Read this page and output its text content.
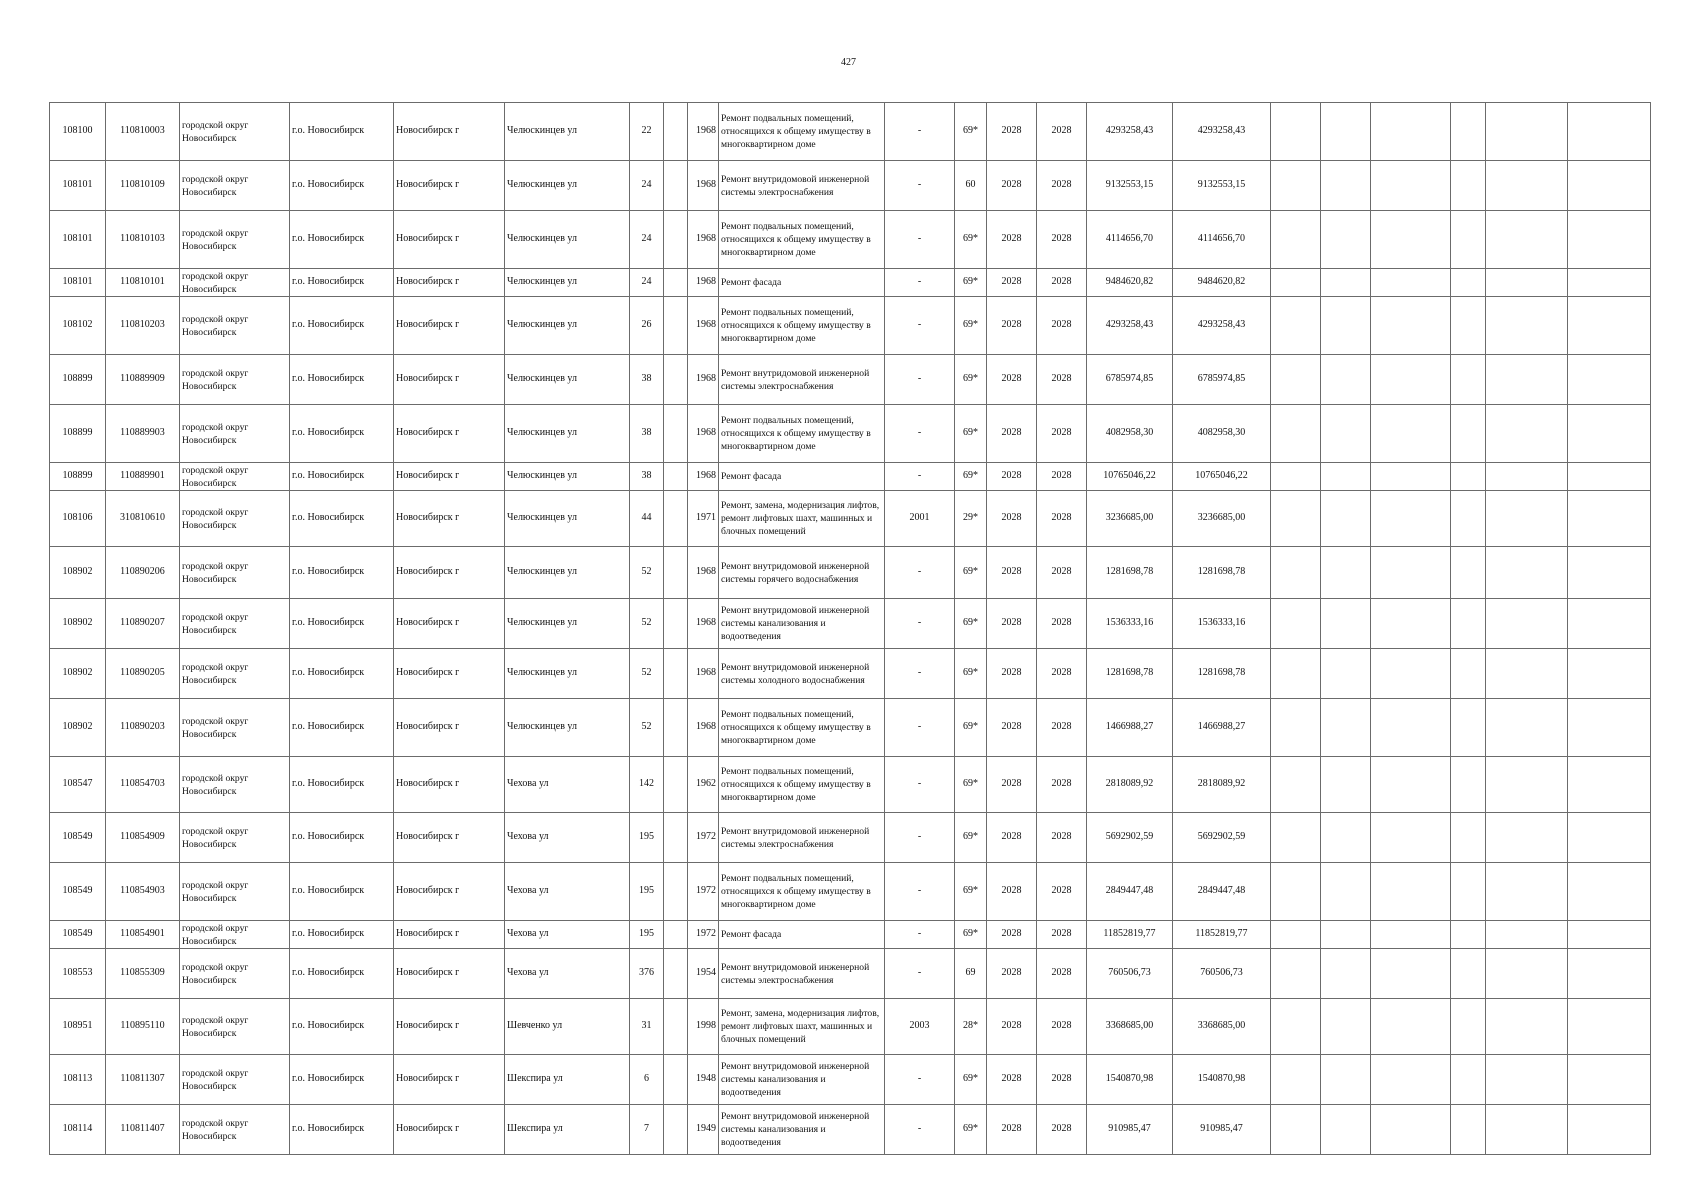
427
108100	110810003	городской округ Новосибирск	г.о. Новосибирск	Новосибирск г	Челюскинцев ул	22		1968	Ремонт подвальных помещений, относящихся к общему имуществу в многоквартирном доме	-	69*	2028	2028	4293258,43	4293258,43						
108101	110810109	городской округ Новосибирск	г.о. Новосибирск	Новосибирск г	Челюскинцев ул	24		1968	Ремонт внутридомовой инженерной системы электроснабжения	-	60	2028	2028	9132553,15	9132553,15						
108101	110810103	городской округ Новосибирск	г.о. Новосибирск	Новосибирск г	Челюскинцев ул	24		1968	Ремонт подвальных помещений, относящихся к общему имуществу в многоквартирном доме	-	69*	2028	2028	4114656,70	4114656,70						
108101	110810101	городской округ Новосибирск	г.о. Новосибирск	Новосибирск г	Челюскинцев ул	24		1968	Ремонт фасада	-	69*	2028	2028	9484620,82	9484620,82						
108102	110810203	городской округ Новосибирск	г.о. Новосибирск	Новосибирск г	Челюскинцев ул	26		1968	Ремонт подвальных помещений, относящихся к общему имуществу в многоквартирном доме	-	69*	2028	2028	4293258,43	4293258,43						
108899	110889909	городской округ Новосибирск	г.о. Новосибирск	Новосибирск г	Челюскинцев ул	38		1968	Ремонт внутридомовой инженерной системы электроснабжения	-	69*	2028	2028	6785974,85	6785974,85						
108899	110889903	городской округ Новосибирск	г.о. Новосибирск	Новосибирск г	Челюскинцев ул	38		1968	Ремонт подвальных помещений, относящихся к общему имуществу в многоквартирном доме	-	69*	2028	2028	4082958,30	4082958,30						
108899	110889901	городской округ Новосибирск	г.о. Новосибирск	Новосибирск г	Челюскинцев ул	38		1968	Ремонт фасада	-	69*	2028	2028	10765046,22	10765046,22						
108106	310810610	городской округ Новосибирск	г.о. Новосибирск	Новосибирск г	Челюскинцев ул	44		1971	Ремонт, замена, модернизация лифтов, ремонт лифтовых шахт, машинных и блочных помещений	2001	29*	2028	2028	3236685,00	3236685,00						
108902	110890206	городской округ Новосибирск	г.о. Новосибирск	Новосибирск г	Челюскинцев ул	52		1968	Ремонт внутридомовой инженерной системы горячего водоснабжения	-	69*	2028	2028	1281698,78	1281698,78						
108902	110890207	городской округ Новосибирск	г.о. Новосибирск	Новосибирск г	Челюскинцев ул	52		1968	Ремонт внутридомовой инженерной системы канализования и водоотведения	-	69*	2028	2028	1536333,16	1536333,16						
108902	110890205	городской округ Новосибирск	г.о. Новосибирск	Новосибирск г	Челюскинцев ул	52		1968	Ремонт внутридомовой инженерной системы холодного водоснабжения	-	69*	2028	2028	1281698,78	1281698,78						
108902	110890203	городской округ Новосибирск	г.о. Новосибирск	Новосибирск г	Челюскинцев ул	52		1968	Ремонт подвальных помещений, относящихся к общему имуществу в многоквартирном доме	-	69*	2028	2028	1466988,27	1466988,27						
108547	110854703	городской округ Новосибирск	г.о. Новосибирск	Новосибирск г	Чехова ул	142		1962	Ремонт подвальных помещений, относящихся к общему имуществу в многоквартирном доме	-	69*	2028	2028	2818089,92	2818089,92						
108549	110854909	городской округ Новосибирск	г.о. Новосибирск	Новосибирск г	Чехова ул	195		1972	Ремонт внутридомовой инженерной системы электроснабжения	-	69*	2028	2028	5692902,59	5692902,59						
108549	110854903	городской округ Новосибирск	г.о. Новосибирск	Новосибирск г	Чехова ул	195		1972	Ремонт подвальных помещений, относящихся к общему имуществу в многоквартирном доме	-	69*	2028	2028	2849447,48	2849447,48						
108549	110854901	городской округ Новосибирск	г.о. Новосибирск	Новосибирск г	Чехова ул	195		1972	Ремонт фасада	-	69*	2028	2028	11852819,77	11852819,77						
108553	110855309	городской округ Новосибирск	г.о. Новосибирск	Новосибирск г	Чехова ул	376		1954	Ремонт внутридомовой инженерной системы электроснабжения	-	69	2028	2028	760506,73	760506,73						
108951	110895110	городской округ Новосибирск	г.о. Новосибирск	Новосибирск г	Шевченко ул	31		1998	Ремонт, замена, модернизация лифтов, ремонт лифтовых шахт, машинных и блочных помещений	2003	28*	2028	2028	3368685,00	3368685,00						
108113	110811307	городской округ Новосибирск	г.о. Новосибирск	Новосибирск г	Шекспира ул	6		1948	Ремонт внутридомовой инженерной системы канализования и водоотведения	-	69*	2028	2028	1540870,98	1540870,98						
108114	110811407	городской округ Новосибирск	г.о. Новосибирск	Новосибирск г	Шекспира ул	7		1949	Ремонт внутридомовой инженерной системы канализования и водоотведения	-	69*	2028	2028	910985,47	910985,47						
